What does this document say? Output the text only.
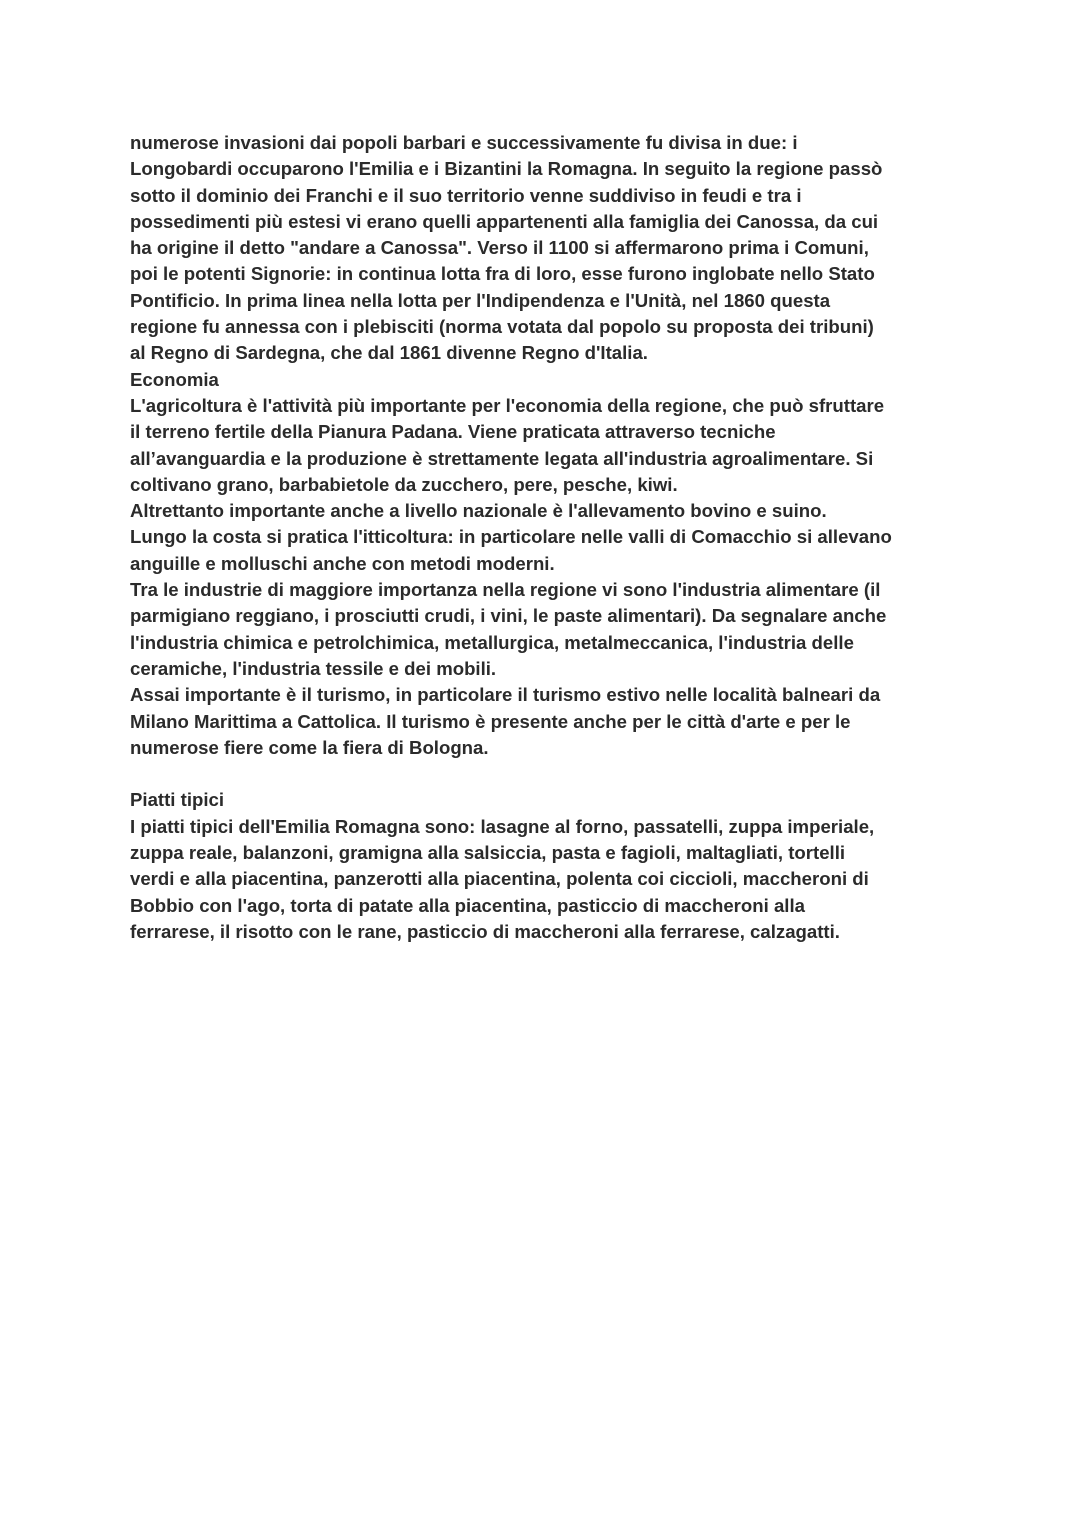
numerose invasioni dai popoli barbari e successivamente fu divisa in due: i
Longobardi occuparono l'Emilia e i Bizantini la Romagna. In seguito la regione passò
sotto il dominio dei Franchi e il suo territorio venne suddiviso in feudi e tra i
possedimenti più estesi vi erano quelli appartenenti alla famiglia dei Canossa, da cui
ha origine il detto "andare a Canossa". Verso il 1100 si affermarono prima i Comuni,
poi le potenti Signorie: in continua lotta fra di loro, esse furono inglobate nello Stato
Pontificio. In prima linea nella lotta per l'Indipendenza e l'Unità, nel 1860 questa
regione fu annessa con i plebisciti (norma votata dal popolo su proposta dei tribuni)
al Regno di Sardegna, che dal 1861 divenne Regno d'Italia.
Economia
L'agricoltura è l'attività più importante per l'economia della regione, che può sfruttare
il terreno fertile della Pianura Padana. Viene praticata attraverso tecniche
all’avanguardia e la produzione è strettamente legata all'industria agroalimentare. Si
coltivano grano, barbabietole da zucchero, pere, pesche, kiwi.
Altrettanto importante anche a livello nazionale è l'allevamento bovino e suino.
Lungo la costa si pratica l'itticoltura: in particolare nelle valli di Comacchio si allevano
anguille e molluschi anche con metodi moderni.
Tra le industrie di maggiore importanza nella regione vi sono l'industria alimentare (il
parmigiano reggiano, i prosciutti crudi, i vini, le paste alimentari). Da segnalare anche
l'industria chimica e petrolchimica, metallurgica, metalmeccanica, l'industria delle
ceramiche, l'industria tessile e dei mobili.
Assai importante è il turismo, in particolare il turismo estivo nelle località balneari da
Milano Marittima a Cattolica. Il turismo è presente anche per le città d'arte e per le
numerose fiere come la fiera di Bologna.
Piatti tipici
I piatti tipici dell'Emilia Romagna sono: lasagne al forno, passatelli, zuppa imperiale,
zuppa reale, balanzoni, gramigna alla salsiccia, pasta e fagioli, maltagliati, tortelli
verdi e alla piacentina, panzerotti alla piacentina, polenta coi ciccioli, maccheroni di
Bobbio con l'ago, torta di patate alla piacentina, pasticcio di maccheroni alla
ferrarese, il risotto con le rane, pasticcio di maccheroni alla ferrarese, calzagatti.
